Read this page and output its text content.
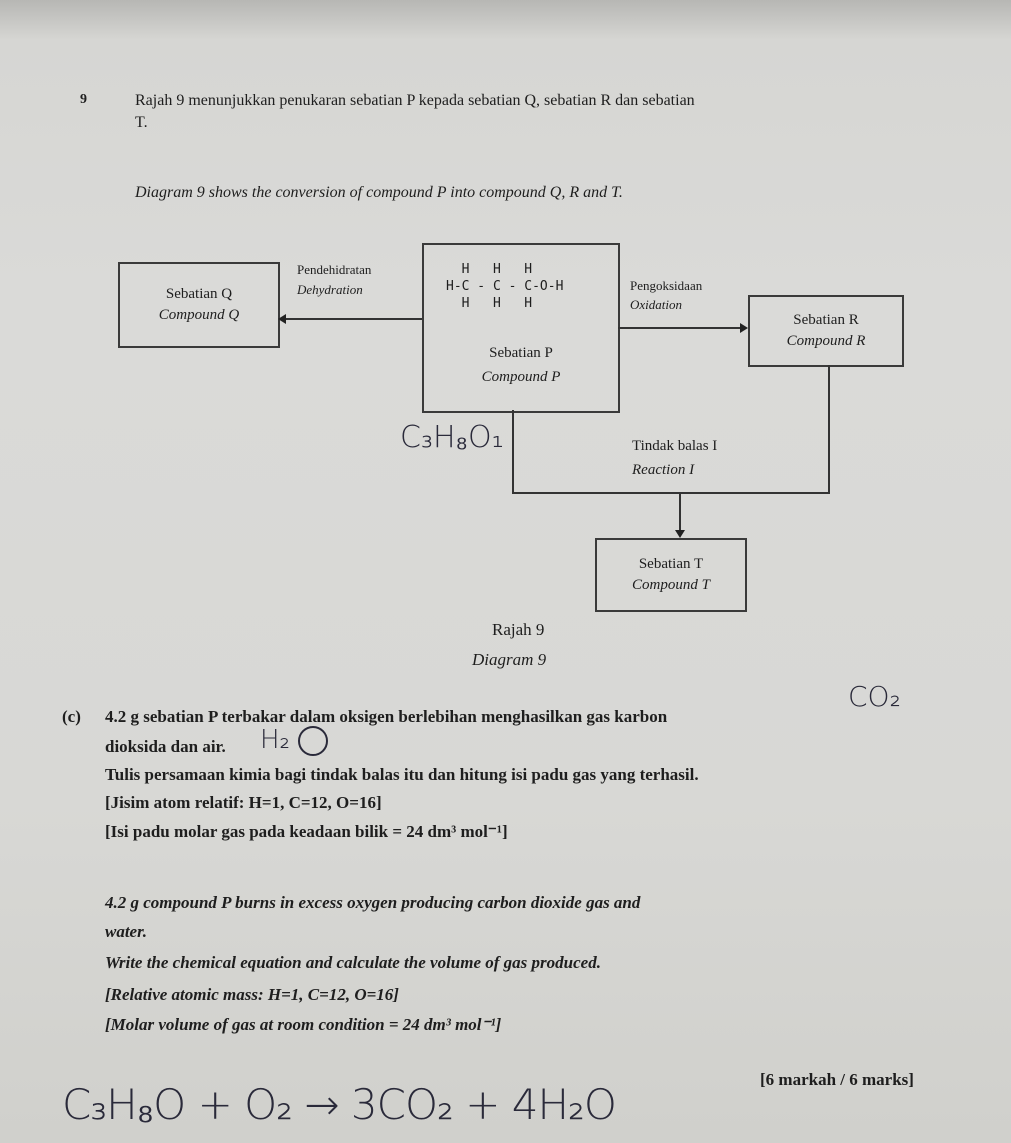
9	Rajah 9 menunjukkan penukaran sebatian P kepada sebatian Q, sebatian R dan sebatian
T.
Diagram 9 shows the conversion of compound P into compound Q, R and T.
Sebatian Q
Compound Q
H   H   H
H-C - C - C-O-H
H   H   H
Sebatian P
Compound P
Sebatian R
Compound R
Sebatian T
Compound T
Pendehidratan
Dehydration	Pengoksidaan
Oxidation
Tindak balas I
Reaction I
C₃H₈O₁
Rajah 9
Diagram 9
CO₂
(c) 4.2 g sebatian P terbakar dalam oksigen berlebihan menghasilkan gas karbon
dioksida dan air. H₂
Tulis persamaan kimia bagi tindak balas itu dan hitung isi padu gas yang terhasil.
[Jisim atom relatif: H=1, C=12, O=16]
[Isi padu molar gas pada keadaan bilik = 24 dm³ mol⁻¹]
4.2 g compound P burns in excess oxygen producing carbon dioxide gas and
water.
Write the chemical equation and calculate the volume of gas produced.
[Relative atomic mass: H=1, C=12, O=16]
[Molar volume of gas at room condition = 24 dm³ mol⁻¹]
[6 markah / 6 marks]
C₃H₈O + O₂ → 3CO₂ + 4H₂O
